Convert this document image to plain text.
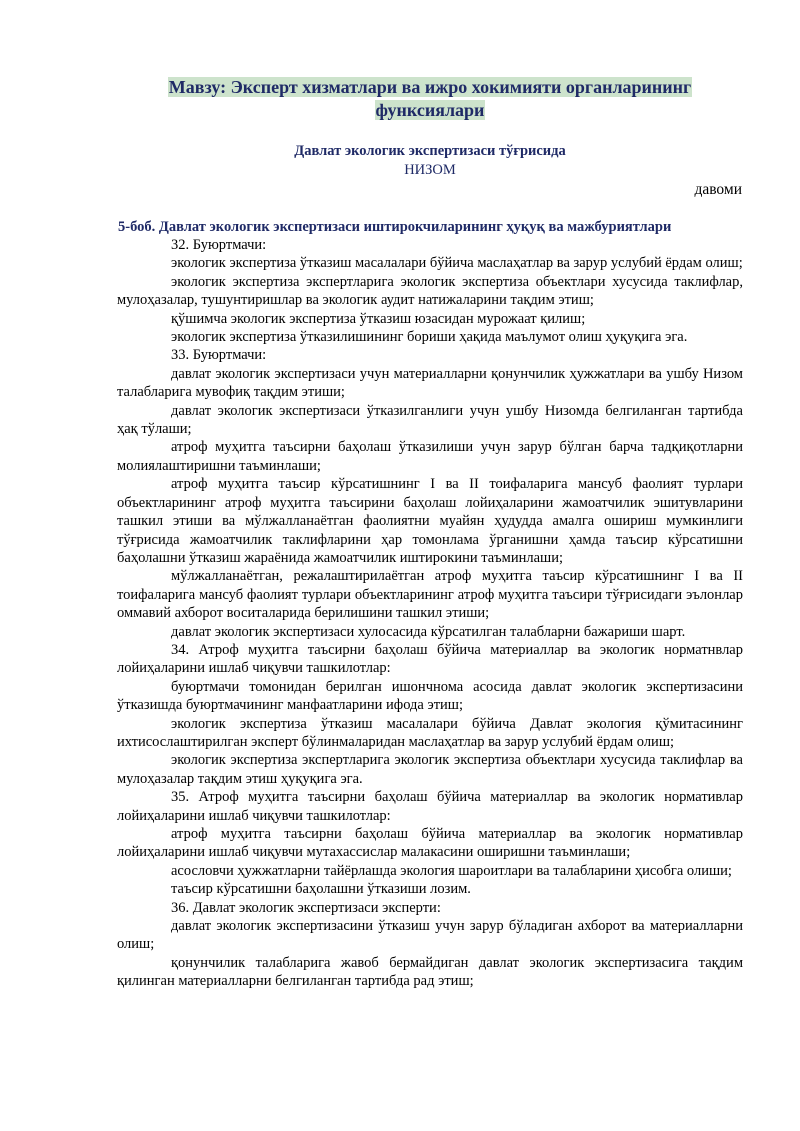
Мавзу: Эксперт хизматлари ва ижро хокимияти органларининг
функсиялари
Давлат экологик экспертизаси тўғрисида
НИЗОМ
давоми
5-боб. Давлат экологик экспертизаси иштирокчиларининг ҳуқуқ ва мажбуриятлари

32. Буюртмачи:

экологик экспертиза ўтказиш масалалари бўйича маслаҳатлар ва зарур услубий ёрдам олиш;

экологик экспертиза экспертларига экологик экспертиза объектлари хусусида таклифлар, мулоҳазалар, тушунтиришлар ва экологик аудит натижаларини тақдим этиш;

қўшимча экологик экспертиза ўтказиш юзасидан мурожаат қилиш;

экологик экспертиза ўтказилишининг бориши ҳақида маълумот олиш ҳуқуқига эга.

33. Буюртмачи:

давлат экологик экспертизаси учун материалларни қонунчилик ҳужжатлари ва ушбу Низом талабларига мувофиқ тақдим этиши;

давлат экологик экспертизаси ўтказилганлиги учун ушбу Низомда белгиланган тартибда ҳақ тўлаши;

атроф муҳитга таъсирни баҳолаш ўтказилиши учун зарур бўлган барча тадқиқотларни молиялаштиришни таъминлаши;

атроф муҳитга таъсир кўрсатишнинг I ва II тоифаларига мансуб фаолият турлари объектларининг атроф муҳитга таъсирини баҳолаш лойиҳаларини жамоатчилик эшитувларини ташкил этиши ва мўлжалланаётган фаолиятни муайян ҳудудда амалга ошириш мумкинлиги тўғрисида жамоатчилик таклифларини ҳар томонлама ўрганишни ҳамда таъсир кўрсатишни баҳолашни ўтказиш жараёнида жамоатчилик иштирокини таъминлаши;

мўлжалланаётган, режалаштирилаётган атроф муҳитга таъсир кўрсатишнинг I ва II тоифаларига мансуб фаолият турлари объектларининг атроф муҳитга таъсири тўғрисидаги эълонлар оммавий ахборот воситаларида берилишини ташкил этиши;

давлат экологик экспертизаси хулосасида кўрсатилган талабларни бажариши шарт.

34. Атроф муҳитга таъсирни баҳолаш бўйича материаллар ва экологик норматнвлар лойиҳаларини ишлаб чиқувчи ташкилотлар:

буюртмачи томонидан берилган ишончнома асосида давлат экологик экспертизасини ўтказишда буюртмачининг манфаатларини ифода этиш;

экологик экспертиза ўтказиш масалалари бўйича Давлат экология қўмитасининг ихтисослаштирилган эксперт бўлинмаларидан маслаҳатлар ва зарур услубий ёрдам олиш;

экологик экспертиза экспертларига экологик экспертиза объектлари хусусида таклифлар ва мулоҳазалар тақдим этиш ҳуқуқига эга.

35. Атроф муҳитга таъсирни баҳолаш бўйича материаллар ва экологик нормативлар лойиҳаларини ишлаб чиқувчи ташкилотлар:

атроф муҳитга таъсирни баҳолаш бўйича материаллар ва экологик нормативлар лойиҳаларини ишлаб чиқувчи мутахассислар малакасини оширишни таъминлаши;

асословчи ҳужжатларни тайёрлашда экология шароитлари ва талабларини ҳисобга олиши;

таъсир кўрсатишни баҳолашни ўтказиши лозим.

36. Давлат экологик экспертизаси эксперти:

давлат экологик экспертизасини ўтказиш учун зарур бўладиган ахборот ва материалларни олиш;

қонунчилик талабларига жавоб бермайдиган давлат экологик экспертизасига тақдим қилинган материалларни белгиланган тартибда рад этиш;
